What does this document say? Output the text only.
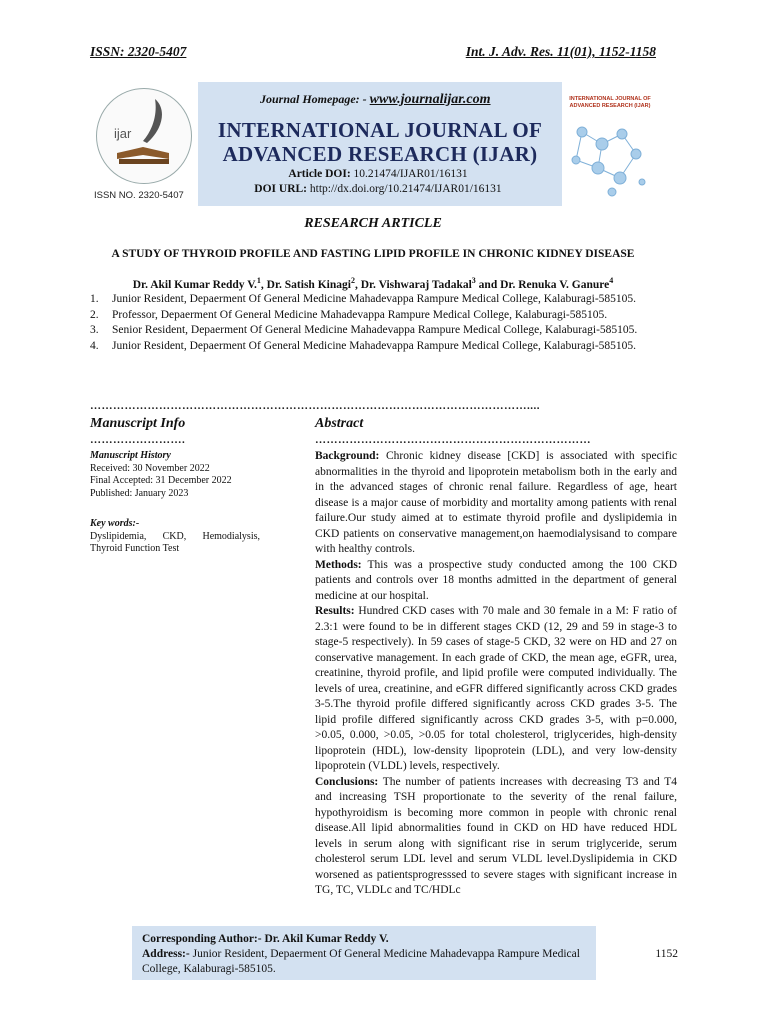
ISSN: 2320-5407	Int. J. Adv. Res. 11(01), 1152-1158
ijar
ISSN NO. 2320-5407
Journal Homepage: - www.journalijar.com
INTERNATIONAL JOURNAL OF ADVANCED RESEARCH (IJAR)
Article DOI: 10.21474/IJAR01/16131
DOI URL: http://dx.doi.org/10.21474/IJAR01/16131
INTERNATIONAL JOURNAL OF ADVANCED RESEARCH (IJAR)
RESEARCH ARTICLE
A STUDY OF THYROID PROFILE AND FASTING LIPID PROFILE IN CHRONIC KIDNEY DISEASE
Dr. Akil Kumar Reddy V.$^1$, Dr. Satish Kinagi$^2$, Dr. Vishwaraj Tadakal$^3$ and Dr. Renuka V. Ganure$^4$
1. Junior Resident, Depaerment Of General Medicine Mahadevappa Rampure Medical College, Kalaburagi-585105.
2. Professor, Depaerment Of General Medicine Mahadevappa Rampure Medical College, Kalaburagi-585105.
3. Senior Resident, Depaerment Of General Medicine Mahadevappa Rampure Medical College, Kalaburagi-585105.
4. Junior Resident, Depaerment Of General Medicine Mahadevappa Rampure Medical College, Kalaburagi-585105.
……………………………………………………………………………………………………....
Manuscript Info
…………………….
Abstract
………………………………………………………………
Manuscript History
Received: 30 November 2022
Final Accepted: 31 December 2022
Published: January 2023
Key words:-
Dyslipidemia, CKD, Hemodialysis, Thyroid Function Test

Background: Chronic kidney disease [CKD] is associated with specific abnormalities in the thyroid and lipoprotein metabolism both in the early and in the advanced stages of chronic renal failure. Regardless of age, heart disease is a major cause of morbidity and mortality among patients with renal failure.Our study aimed at to estimate thyroid profile and dyslipidemia in CKD patients on conservative management,on haemodialysisand to compare with healthy controls.

Methods: This was a prospective study conducted among the 100 CKD patients and controls over 18 months admitted in the department of general medicine at our hospital.

Results: Hundred CKD cases with 70 male and 30 female in a M: F ratio of 2.3:1 were found to be in different stages CKD (12, 29 and 59 in stage-3 to stage-5 respectively). In 59 cases of stage-5 CKD, 32 were on HD and 27 on conservative management. In each grade of CKD, the mean age, eGFR, urea, creatinine, thyroid profile, and lipid profile were computed individually. The levels of urea, creatinine, and eGFR differed significantly across CKD grades 3-5.The thyroid profile differed significantly across CKD grades 3-5. The lipid profile differed significantly across CKD grades 3-5, with p=0.000, >0.05, 0.000, >0.05, >0.05 for total cholesterol, triglycerides, high-density lipoprotein (HDL), low-density lipoprotein (LDL), and very low-density lipoprotein (VLDL) levels, respectively.

Conclusions: The number of patients increases with decreasing T3 and T4 and increasing TSH proportionate to the severity of the renal failure, hypothyroidism is becoming more common in people with chronic renal disease.All lipid abnormalities found in CKD on HD have reduced HDL levels in serum along with significant rise in serum triglyceride, serum cholesterol serum LDL level and serum VLDL level.Dyslipidemia in CKD worsened as patientsprogresssed to severe stages with significant increase in TG, TC, VLDLc and TC/HDLc

Corresponding Author:- Dr. Akil Kumar Reddy V.
Address:- Junior Resident, Depaerment Of General Medicine Mahadevappa Rampure Medical College, Kalaburagi-585105.
1152
